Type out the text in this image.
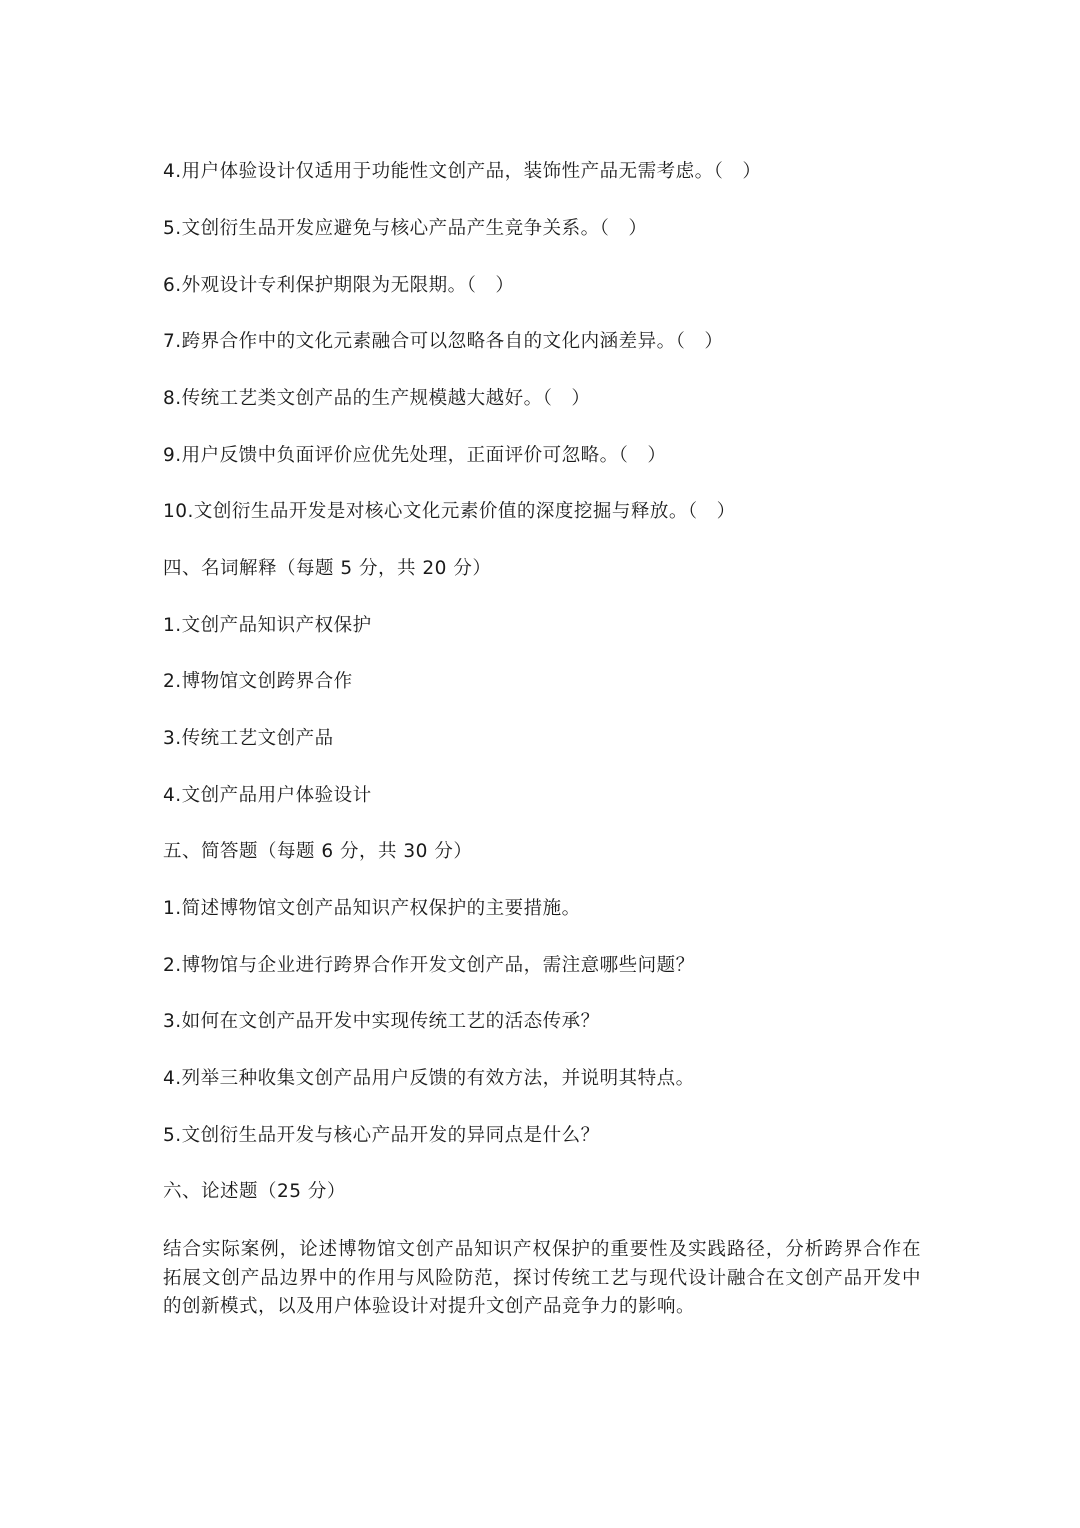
4.用户体验设计仅适用于功能性文创产品，装饰性产品无需考虑。（　）
5.文创衍生品开发应避免与核心产品产生竞争关系。（　）
6.外观设计专利保护期限为无限期。（　）
7.跨界合作中的文化元素融合可以忽略各自的文化内涵差异。（　）
8.传统工艺类文创产品的生产规模越大越好。（　）
9.用户反馈中负面评价应优先处理，正面评价可忽略。（　）
10.文创衍生品开发是对核心文化元素价值的深度挖掘与释放。（　）
四、名词解释（每题 5 分，共 20 分）
1.文创产品知识产权保护
2.博物馆文创跨界合作
3.传统工艺文创产品
4.文创产品用户体验设计
五、简答题（每题 6 分，共 30 分）
1.简述博物馆文创产品知识产权保护的主要措施。
2.博物馆与企业进行跨界合作开发文创产品，需注意哪些问题？
3.如何在文创产品开发中实现传统工艺的活态传承？
4.列举三种收集文创产品用户反馈的有效方法，并说明其特点。
5.文创衍生品开发与核心产品开发的异同点是什么？
六、论述题（25 分）
结合实际案例，论述博物馆文创产品知识产权保护的重要性及实践路径，分析跨界合作在拓展文创产品边界中的作用与风险防范，探讨传统工艺与现代设计融合在文创产品开发中的创新模式，以及用户体验设计对提升文创产品竞争力的影响。
